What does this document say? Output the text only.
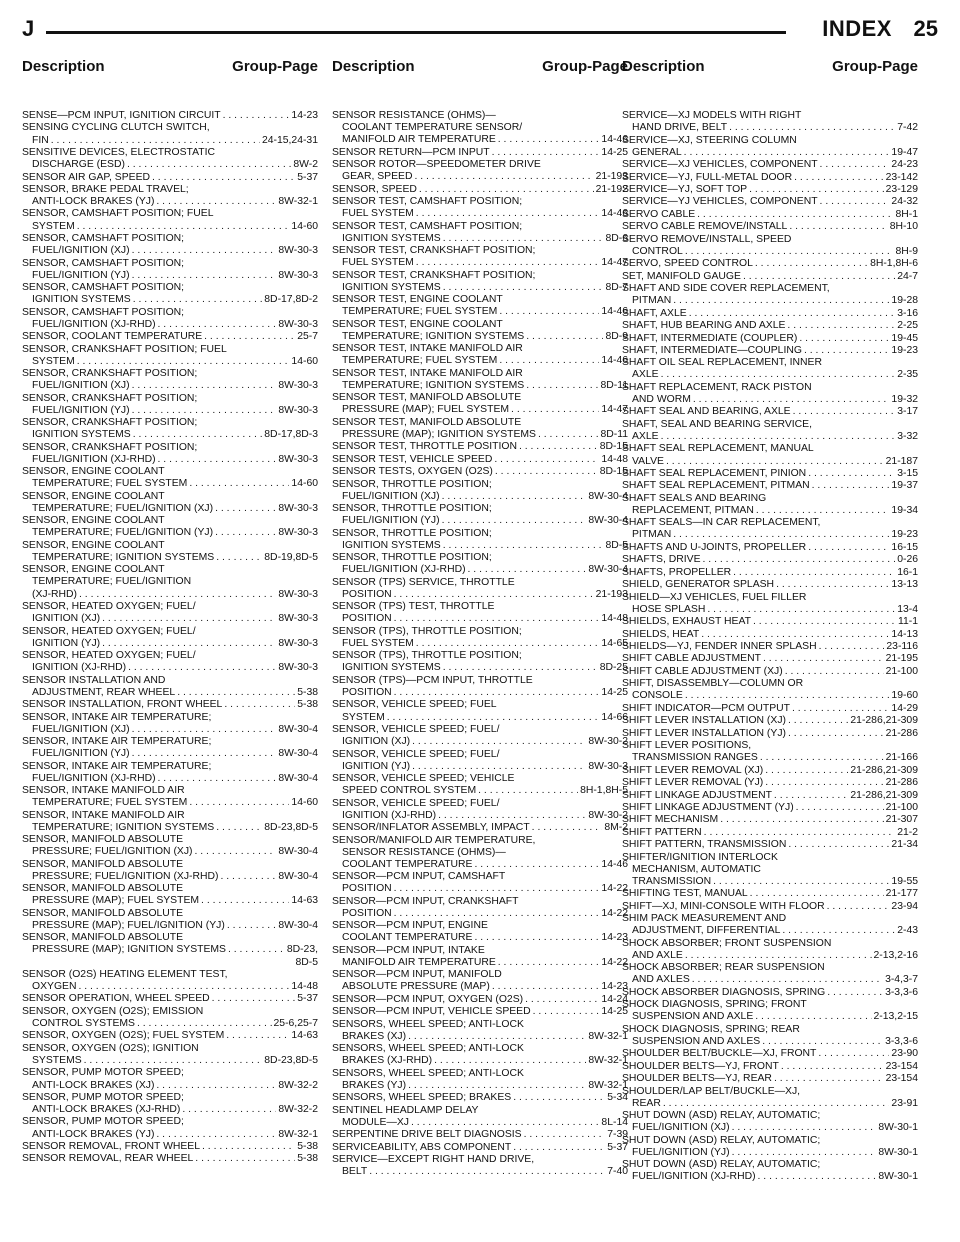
J	INDEX 25
Description	Group-Page Description	Group-Page
Description	Group-Page
SENSE—PCM INPUT, IGNITION CIRCUIT . . .	14-23
SENSING CYCLING CLUTCH SWITCH,
FIN . . .	24-15,24-31
SENSITIVE DEVICES, ELECTROSTATIC
DISCHARGE (ESD) . . .	8W-2
SENSOR AIR GAP, SPEED . . .	5-37
SENSOR, BRAKE PEDAL TRAVEL;
ANTI-LOCK BRAKES (YJ) . . .	8W-32-1
SENSOR, CAMSHAFT POSITION; FUEL
SYSTEM . . .	14-60
SENSOR, CAMSHAFT POSITION;
FUEL/IGNITION (XJ) . . .	8W-30-3
SENSOR, CAMSHAFT POSITION;
FUEL/IGNITION (YJ) . . .	8W-30-3
SENSOR, CAMSHAFT POSITION;
IGNITION SYSTEMS . . .	8D-17,8D-2
SENSOR, CAMSHAFT POSITION;
FUEL/IGNITION (XJ-RHD) . . .	8W-30-3
SENSOR, COOLANT TEMPERATURE . . .	25-7
SENSOR, CRANKSHAFT POSITION; FUEL
SYSTEM . . .	14-60
SENSOR, CRANKSHAFT POSITION;
FUEL/IGNITION (XJ) . . .	8W-30-3
SENSOR, CRANKSHAFT POSITION;
FUEL/IGNITION (YJ) . . .	8W-30-3
SENSOR, CRANKSHAFT POSITION;
IGNITION SYSTEMS . . .	8D-17,8D-3
SENSOR, CRANKSHAFT POSITION;
FUEL/IGNITION (XJ-RHD) . . .	8W-30-3
SENSOR, ENGINE COOLANT
TEMPERATURE; FUEL SYSTEM . . .	14-60
SENSOR, ENGINE COOLANT
TEMPERATURE; FUEL/IGNITION (XJ) . . .	8W-30-3
SENSOR, ENGINE COOLANT
TEMPERATURE; FUEL/IGNITION (YJ) . . .	8W-30-3
SENSOR, ENGINE COOLANT
TEMPERATURE; IGNITION SYSTEMS . . .	8D-19,8D-5
SENSOR, ENGINE COOLANT
TEMPERATURE; FUEL/IGNITION
(XJ-RHD) . . .	8W-30-3
SENSOR, HEATED OXYGEN; FUEL/
IGNITION (XJ) . . .	8W-30-3
SENSOR, HEATED OXYGEN; FUEL/
IGNITION (YJ) . . .	8W-30-3
SENSOR, HEATED OXYGEN; FUEL/
IGNITION (XJ-RHD) . . .	8W-30-3
SENSOR INSTALLATION AND
ADJUSTMENT, REAR WHEEL . . .	5-38
SENSOR INSTALLATION, FRONT WHEEL . . .	5-38
SENSOR, INTAKE AIR TEMPERATURE;
FUEL/IGNITION (XJ) . . .	8W-30-4
SENSOR, INTAKE AIR TEMPERATURE;
FUEL/IGNITION (YJ) . . .	8W-30-4
SENSOR, INTAKE AIR TEMPERATURE;
FUEL/IGNITION (XJ-RHD) . . .	8W-30-4
SENSOR, INTAKE MANIFOLD AIR
TEMPERATURE; FUEL SYSTEM . . .	14-60
SENSOR, INTAKE MANIFOLD AIR
TEMPERATURE; IGNITION SYSTEMS . . .	8D-23,8D-5
SENSOR, MANIFOLD ABSOLUTE
PRESSURE; FUEL/IGNITION (XJ) . . .	8W-30-4
SENSOR, MANIFOLD ABSOLUTE
PRESSURE; FUEL/IGNITION (XJ-RHD) . . .	8W-30-4
SENSOR, MANIFOLD ABSOLUTE
PRESSURE (MAP); FUEL SYSTEM . . .	14-63
SENSOR, MANIFOLD ABSOLUTE
PRESSURE (MAP); FUEL/IGNITION (YJ) . . .	8W-30-4
SENSOR, MANIFOLD ABSOLUTE
PRESSURE (MAP); IGNITION SYSTEMS . . .	8D-23,
8D-5
SENSOR (O2S) HEATING ELEMENT TEST,
OXYGEN . . .	14-48
SENSOR OPERATION, WHEEL SPEED . . .	5-37
SENSOR, OXYGEN (O2S); EMISSION
CONTROL SYSTEMS . . .	25-6,25-7
SENSOR, OXYGEN (O2S); FUEL SYSTEM . . .	14-63
SENSOR, OXYGEN (O2S); IGNITION
SYSTEMS . . .	8D-23,8D-5
SENSOR, PUMP MOTOR SPEED;
ANTI-LOCK BRAKES (XJ) . . .	8W-32-2
SENSOR, PUMP MOTOR SPEED;
ANTI-LOCK BRAKES (XJ-RHD) . . .	8W-32-2
SENSOR, PUMP MOTOR SPEED;
ANTI-LOCK BRAKES (YJ) . . .	8W-32-1
SENSOR REMOVAL, FRONT WHEEL . . .	5-38
SENSOR REMOVAL, REAR WHEEL . . .	5-38
SENSOR RESISTANCE (OHMS)—
COOLANT TEMPERATURE SENSOR/
MANIFOLD AIR TEMPERATURE . . .	14-46
SENSOR RETURN—PCM INPUT . . .	14-25
SENSOR ROTOR—SPEEDOMETER DRIVE
GEAR, SPEED . . .	21-193
SENSOR, SPEED . . .	21-192
SENSOR TEST, CAMSHAFT POSITION;
FUEL SYSTEM . . .	14-46
SENSOR TEST, CAMSHAFT POSITION;
IGNITION SYSTEMS . . .	8D-6
SENSOR TEST, CRANKSHAFT POSITION;
FUEL SYSTEM . . .	14-47
SENSOR TEST, CRANKSHAFT POSITION;
IGNITION SYSTEMS . . .	8D-7
SENSOR TEST, ENGINE COOLANT
TEMPERATURE; FUEL SYSTEM . . .	14-46
SENSOR TEST, ENGINE COOLANT
TEMPERATURE; IGNITION SYSTEMS . . .	8D-9
SENSOR TEST, INTAKE MANIFOLD AIR
TEMPERATURE; FUEL SYSTEM . . .	14-46
SENSOR TEST, INTAKE MANIFOLD AIR
TEMPERATURE; IGNITION SYSTEMS . . .	8D-11
SENSOR TEST, MANIFOLD ABSOLUTE
PRESSURE (MAP); FUEL SYSTEM . . .	14-47
SENSOR TEST, MANIFOLD ABSOLUTE
PRESSURE (MAP); IGNITION SYSTEMS . . .	8D-11
SENSOR TEST, THROTTLE POSITION . . .	8D-15
SENSOR TEST, VEHICLE SPEED . . .	14-48
SENSOR TESTS, OXYGEN (O2S) . . .	8D-15
SENSOR, THROTTLE POSITION;
FUEL/IGNITION (XJ) . . .	8W-30-4
SENSOR, THROTTLE POSITION;
FUEL/IGNITION (YJ) . . .	8W-30-4
SENSOR, THROTTLE POSITION;
IGNITION SYSTEMS . . .	8D-5
SENSOR, THROTTLE POSITION;
FUEL/IGNITION (XJ-RHD) . . .	8W-30-4
SENSOR (TPS) SERVICE, THROTTLE
POSITION . . .	21-193
SENSOR (TPS) TEST, THROTTLE
POSITION . . .	14-48
SENSOR (TPS), THROTTLE POSITION;
FUEL SYSTEM . . .	14-65
SENSOR (TPS), THROTTLE POSITION;
IGNITION SYSTEMS . . .	8D-25
SENSOR (TPS)—PCM INPUT, THROTTLE
POSITION . . .	14-25
SENSOR, VEHICLE SPEED; FUEL
SYSTEM . . .	14-66
SENSOR, VEHICLE SPEED; FUEL/
IGNITION (XJ) . . .	8W-30-2
SENSOR, VEHICLE SPEED; FUEL/
IGNITION (YJ) . . .	8W-30-3
SENSOR, VEHICLE SPEED; VEHICLE
SPEED CONTROL SYSTEM . . .	8H-1,8H-5
SENSOR, VEHICLE SPEED; FUEL/
IGNITION (XJ-RHD) . . .	8W-30-2
SENSOR/INFLATOR ASSEMBLY, IMPACT . . .	8M-2
SENSOR/MANIFOLD AIR TEMPERATURE,
SENSOR RESISTANCE (OHMS)—
COOLANT TEMPERATURE . . .	14-46
SENSOR—PCM INPUT, CAMSHAFT
POSITION . . .	14-22
SENSOR—PCM INPUT, CRANKSHAFT
POSITION . . .	14-22
SENSOR—PCM INPUT, ENGINE
COOLANT TEMPERATURE . . .	14-23
SENSOR—PCM INPUT, INTAKE
MANIFOLD AIR TEMPERATURE . . .	14-22
SENSOR—PCM INPUT, MANIFOLD
ABSOLUTE PRESSURE (MAP) . . .	14-23
SENSOR—PCM INPUT, OXYGEN (O2S) . . .	14-24
SENSOR—PCM INPUT, VEHICLE SPEED . . .	14-25
SENSORS, WHEEL SPEED; ANTI-LOCK
BRAKES (XJ) . . .	8W-32-1
SENSORS, WHEEL SPEED; ANTI-LOCK
BRAKES (XJ-RHD) . . .	8W-32-1
SENSORS, WHEEL SPEED; ANTI-LOCK
BRAKES (YJ) . . .	8W-32-1
SENSORS, WHEEL SPEED; BRAKES . . .	5-34
SENTINEL HEADLAMP DELAY
MODULE—XJ . . .	8L-14
SERPENTINE DRIVE BELT DIAGNOSIS . . .	7-39
SERVICEABILITY, ABS COMPONENT . . .	5-37
SERVICE—EXCEPT RIGHT HAND DRIVE,
BELT . . .	7-40
SERVICE—XJ MODELS WITH RIGHT
HAND DRIVE, BELT . . .	7-42
SERVICE—XJ, STEERING COLUMN
GENERAL . . .	19-47
SERVICE—XJ VEHICLES, COMPONENT . . .	24-23
SERVICE—YJ, FULL-METAL DOOR . . .	23-142
SERVICE—YJ, SOFT TOP . . .	23-129
SERVICE—YJ VEHICLES, COMPONENT . . .	24-32
SERVO CABLE . . .	8H-1
SERVO CABLE REMOVE/INSTALL . . .	8H-10
SERVO REMOVE/INSTALL, SPEED
CONTROL . . .	8H-9
SERVO, SPEED CONTROL . . .	8H-1,8H-6
SET, MANIFOLD GAUGE . . .	24-7
SHAFT AND SIDE COVER REPLACEMENT,
PITMAN . . .	19-28
SHAFT, AXLE . . .	3-16
SHAFT, HUB BEARING AND AXLE . . .	2-25
SHAFT, INTERMEDIATE (COUPLER) . . .	19-45
SHAFT, INTERMEDIATE—COUPLING . . .	19-23
SHAFT OIL SEAL REPLACEMENT, INNER
AXLE . . .	2-35
SHAFT REPLACEMENT, RACK PISTON
AND WORM . . .	19-32
SHAFT SEAL AND BEARING, AXLE . . .	3-17
SHAFT, SEAL AND BEARING SERVICE,
AXLE . . .	3-32
SHAFT SEAL REPLACEMENT, MANUAL
VALVE . . .	21-187
SHAFT SEAL REPLACEMENT, PINION . . .	3-15
SHAFT SEAL REPLACEMENT, PITMAN . . .	19-37
SHAFT SEALS AND BEARING
REPLACEMENT, PITMAN . . .	19-34
SHAFT SEALS—IN CAR REPLACEMENT,
PITMAN . . .	19-23
SHAFTS AND U-JOINTS, PROPELLER . . .	16-15
SHAFTS, DRIVE . . .	0-26
SHAFTS, PROPELLER . . .	16-1
SHIELD, GENERATOR SPLASH . . .	13-13
SHIELD—XJ VEHICLES, FUEL FILLER
HOSE SPLASH . . .	13-4
SHIELDS, EXHAUST HEAT . . .	11-1
SHIELDS, HEAT . . .	14-13
SHIELDS—YJ, FENDER INNER SPLASH . . .	23-116
SHIFT CABLE ADJUSTMENT . . .	21-195
SHIFT CABLE ADJUSTMENT (XJ) . . .	21-100
SHIFT, DISASSEMBLY—COLUMN OR
CONSOLE . . .	19-60
SHIFT INDICATOR—PCM OUTPUT . . .	14-29
SHIFT LEVER INSTALLATION (XJ) . . .	21-286,21-309
SHIFT LEVER INSTALLATION (YJ) . . .	21-286
SHIFT LEVER POSITIONS,
TRANSMISSION RANGES . . .	21-166
SHIFT LEVER REMOVAL (XJ) . . .	21-286,21-309
SHIFT LEVER REMOVAL (YJ) . . .	21-286
SHIFT LINKAGE ADJUSTMENT . . .	21-286,21-309
SHIFT LINKAGE ADJUSTMENT (YJ) . . .	21-100
SHIFT MECHANISM . . .	21-307
SHIFT PATTERN . . .	21-2
SHIFT PATTERN, TRANSMISSION . . .	21-34
SHIFTER/IGNITION INTERLOCK
MECHANISM, AUTOMATIC
TRANSMISSION . . .	19-55
SHIFTING TEST, MANUAL . . .	21-177
SHIFT—XJ, MINI-CONSOLE WITH FLOOR . . .	23-94
SHIM PACK MEASUREMENT AND
ADJUSTMENT, DIFFERENTIAL . . .	2-43
SHOCK ABSORBER; FRONT SUSPENSION
AND AXLE . . .	2-13,2-16
SHOCK ABSORBER; REAR SUSPENSION
AND AXLES . . .	3-4,3-7
SHOCK ABSORBER DIAGNOSIS, SPRING . . .	3-3,3-6
SHOCK DIAGNOSIS, SPRING; FRONT
SUSPENSION AND AXLE . . .	2-13,2-15
SHOCK DIAGNOSIS, SPRING; REAR
SUSPENSION AND AXLES . . .	3-3,3-6
SHOULDER BELT/BUCKLE—XJ, FRONT . . .	23-90
SHOULDER BELTS—YJ, FRONT . . .	23-154
SHOULDER BELTS—YJ, REAR . . .	23-154
SHOULDER/LAP BELT/BUCKLE—XJ,
REAR . . .	23-91
SHUT DOWN (ASD) RELAY, AUTOMATIC;
FUEL/IGNITION (XJ) . . .	8W-30-1
SHUT DOWN (ASD) RELAY, AUTOMATIC;
FUEL/IGNITION (YJ) . . .	8W-30-1
SHUT DOWN (ASD) RELAY, AUTOMATIC;
FUEL/IGNITION (XJ-RHD) . . .	8W-30-1
